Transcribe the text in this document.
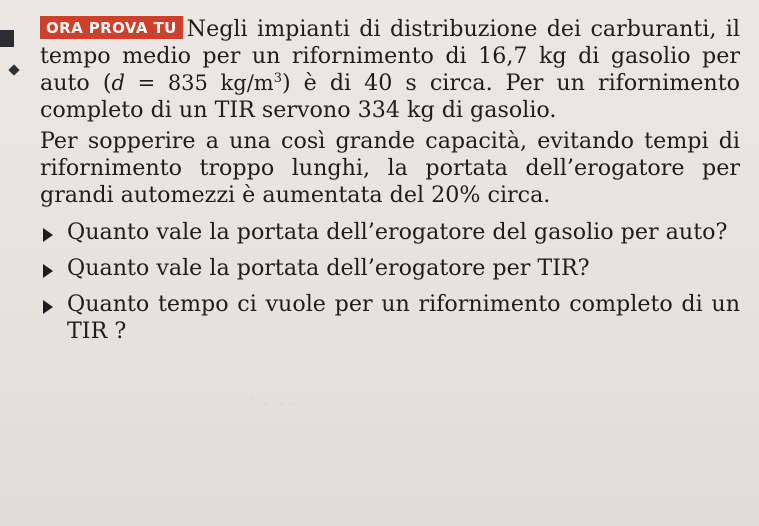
·  .   .  .

ORA PROVA TU Negli impianti di distribuzione dei carburanti, il tempo medio per un rifornimento di 16,7 kg di gasolio per auto (d = 835 $kg/m^3$) è di 40 s circa. Per un rifornimento completo di un TIR servono 334 kg di gasolio.

Per sopperire a una così grande capacità, evitando tempi di rifornimento troppo lunghi, la portata dell’erogatore per grandi automezzi è aumentata del 20% circa.

Quanto vale la portata dell’erogatore del gasolio per auto?

Quanto vale la portata dell’erogatore per TIR?

Quanto tempo ci vuole per un rifornimento completo di un TIR ?
